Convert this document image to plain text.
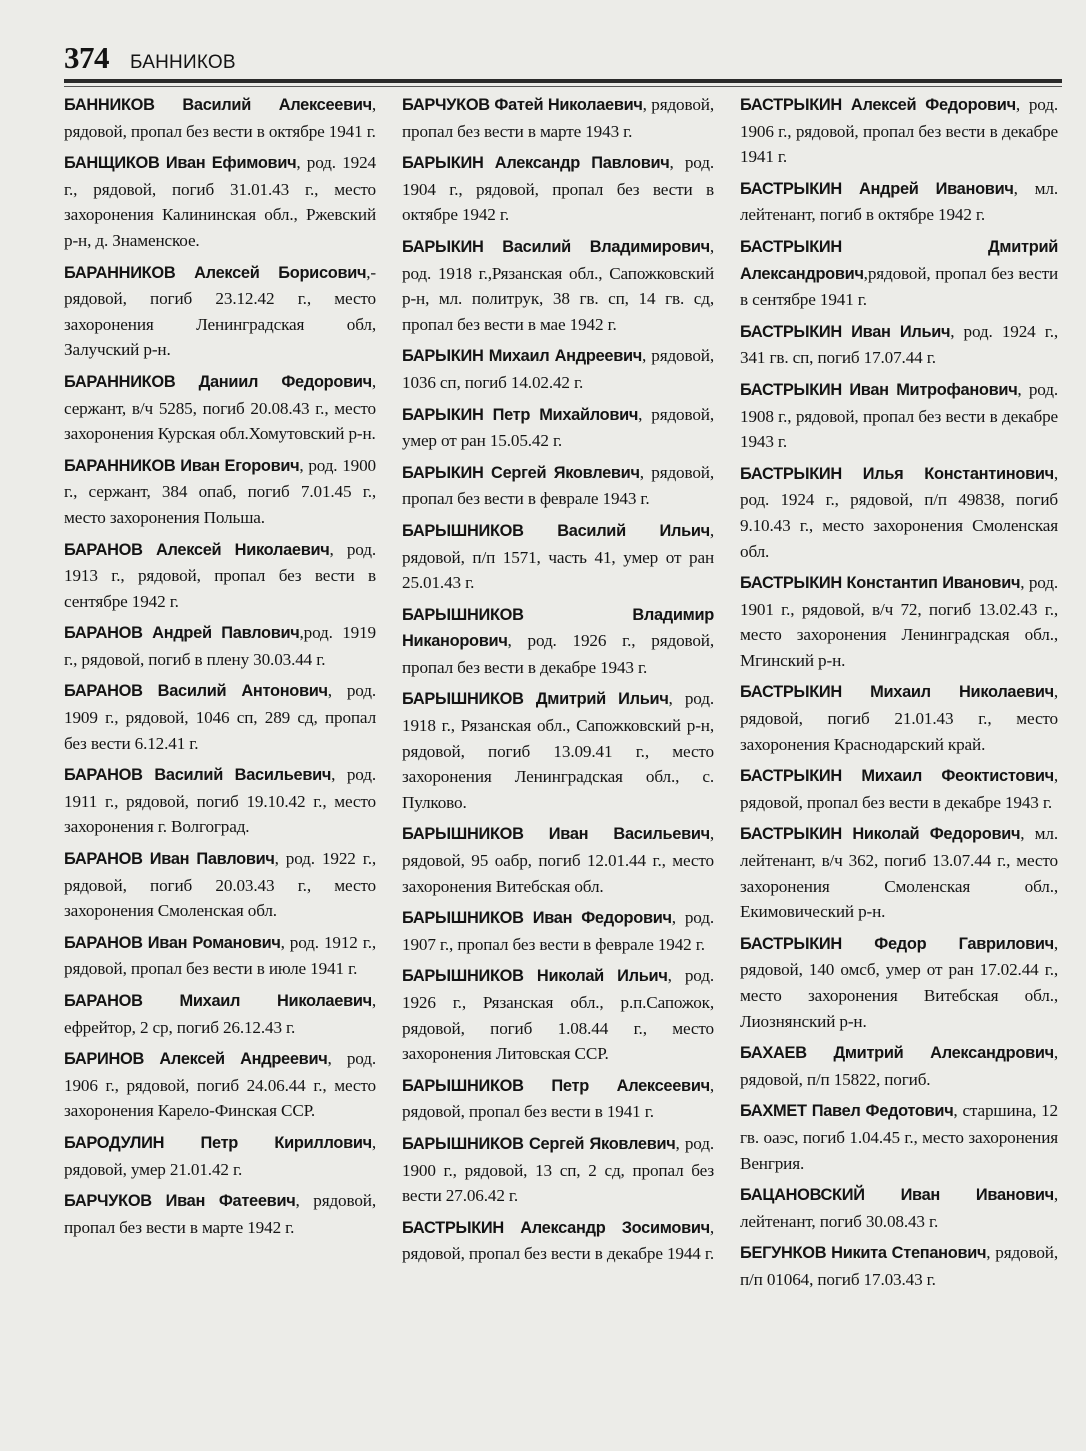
374 БАННИКОВ

БАННИКОВ Василий Алексеевич, рядовой, пропал без вести в октябре 1941 г.

БАНЩИКОВ Иван Ефимович, род. 1924 г., рядовой, погиб 31.01.43 г., место захоронения Калининская обл., Ржевский р-н, д. Знаменское.

БАРАННИКОВ Алексей Борисович,- рядовой, погиб 23.12.42 г., место захоронения Ленинградская обл, Залучский р-н.

БАРАННИКОВ Даниил Федорович, сержант, в/ч 5285, погиб 20.08.43 г., место захоронения Курская обл.Хомутовский р-н.

БАРАННИКОВ Иван Егорович, род. 1900 г., сержант, 384 опаб, погиб 7.01.45 г., место захоронения Польша.

БАРАНОВ Алексей Николаевич, род. 1913 г., рядовой, пропал без вести в сентябре 1942 г.

БАРАНОВ Андрей Павлович,род. 1919 г., рядовой, погиб в плену 30.03.44 г.

БАРАНОВ Василий Антонович, род. 1909 г., рядовой, 1046 сп, 289 сд, пропал без вести 6.12.41 г.

БАРАНОВ Василий Васильевич, род. 1911 г., рядовой, погиб 19.10.42 г., место захоронения г. Волгоград.

БАРАНОВ Иван Павлович, род. 1922 г., рядовой, погиб 20.03.43 г., место захоронения Смоленская обл.

БАРАНОВ Иван Романович, род. 1912 г., рядовой, пропал без вести в июле 1941 г.

БАРАНОВ Михаил Николаевич, ефрейтор, 2 ср, погиб 26.12.43 г.

БАРИНОВ Алексей Андреевич, род. 1906 г., рядовой, погиб 24.06.44 г., место захоронения Карело-Финская ССР.

БАРОДУЛИН Петр Кириллович, рядовой, умер 21.01.42 г.

БАРЧУКОВ Иван Фатеевич, рядовой, пропал без вести в марте 1942 г.

БАРЧУКОВ Фатей Николаевич, рядовой, пропал без вести в марте 1943 г.

БАРЫКИН Александр Павлович, род. 1904 г., рядовой, пропал без вести в октябре 1942 г.

БАРЫКИН Василий Владимирович, род. 1918 г.,Рязанская обл., Сапожковский р-н, мл. политрук, 38 гв. сп, 14 гв. сд, пропал без вести в мае 1942 г.

БАРЫКИН Михаил Андреевич, рядовой, 1036 сп, погиб 14.02.42 г.

БАРЫКИН Петр Михайлович, рядовой, умер от ран 15.05.42 г.

БАРЫКИН Сергей Яковлевич, рядовой, пропал без вести в феврале 1943 г.

БАРЫШНИКОВ Василий Ильич, рядовой, п/п 1571, часть 41, умер от ран 25.01.43 г.

БАРЫШНИКОВ Владимир Никанорович, род. 1926 г., рядовой, пропал без вести в декабре 1943 г.

БАРЫШНИКОВ Дмитрий Ильич, род. 1918 г., Рязанская обл., Сапожковский р-н, рядовой, погиб 13.09.41 г., место захоронения Ленинградская обл., с. Пулково.

БАРЫШНИКОВ Иван Васильевич, рядовой, 95 оабр, погиб 12.01.44 г., место захоронения Витебская обл.

БАРЫШНИКОВ Иван Федорович, род. 1907 г., пропал без вести в феврале 1942 г.

БАРЫШНИКОВ Николай Ильич, род. 1926 г., Рязанская обл., р.п.Сапожок, рядовой, погиб 1.08.44 г., место захоронения Литовская ССР.

БАРЫШНИКОВ Петр Алексеевич, рядовой, пропал без вести в 1941 г.

БАРЫШНИКОВ Сергей Яковлевич, род. 1900 г., рядовой, 13 сп, 2 сд, пропал без вести 27.06.42 г.

БАСТРЫКИН Александр Зосимович, рядовой, пропал без вести в декабре 1944 г.

БАСТРЫКИН Алексей Федорович, род. 1906 г., рядовой, пропал без вести в декабре 1941 г.

БАСТРЫКИН Андрей Иванович, мл. лейтенант, погиб в октябре 1942 г.

БАСТРЫКИН Дмитрий Александрович,рядовой, пропал без вести в сентябре 1941 г.

БАСТРЫКИН Иван Ильич, род. 1924 г., 341 гв. сп, погиб 17.07.44 г.

БАСТРЫКИН Иван Митрофанович, род. 1908 г., рядовой, пропал без вести в декабре 1943 г.

БАСТРЫКИН Илья Константинович, род. 1924 г., рядовой, п/п 49838, погиб 9.10.43 г., место захоронения Смоленская обл.

БАСТРЫКИН Константип Иванович, род. 1901 г., рядовой, в/ч 72, погиб 13.02.43 г., место захоронения Ленинградская обл., Мгинский р-н.

БАСТРЫКИН Михаил Николаевич, рядовой, погиб 21.01.43 г., место захоронения Краснодарский край.

БАСТРЫКИН Михаил Феоктистович, рядовой, пропал без вести в декабре 1943 г.

БАСТРЫКИН Николай Федорович, мл. лейтенант, в/ч 362, погиб 13.07.44 г., место захоронения Смоленская обл., Екимовический р-н.

БАСТРЫКИН Федор Гаврилович, рядовой, 140 омсб, умер от ран 17.02.44 г., место захоронения Витебская обл., Лиознянский р-н.

БАХАЕВ Дмитрий Александрович, рядовой, п/п 15822, погиб.

БАХМЕТ Павел Федотович, старшина, 12 гв. оаэс, погиб 1.04.45 г., место захоронения Венгрия.

БАЦАНОВСКИЙ Иван Иванович, лейтенант, погиб 30.08.43 г.

БЕГУНКОВ Никита Степанович, рядовой, п/п 01064, погиб 17.03.43 г.
